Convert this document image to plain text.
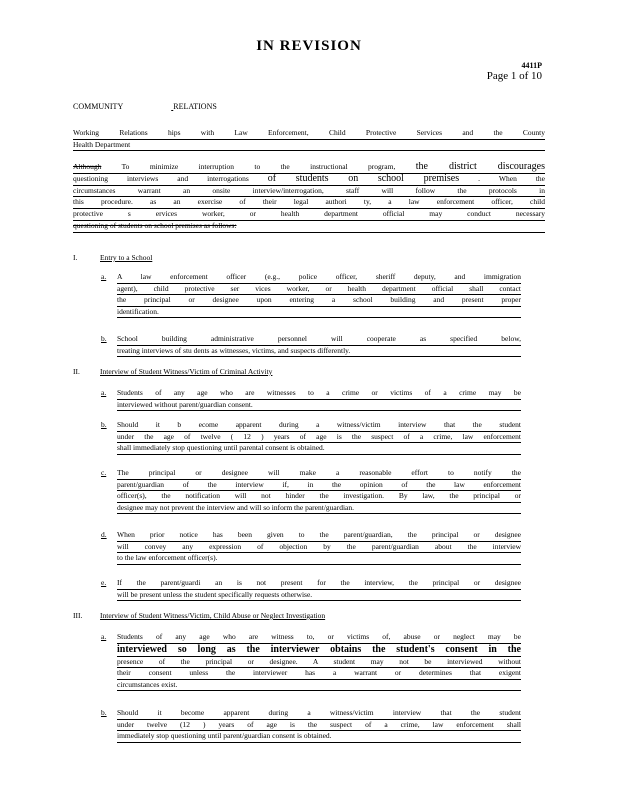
IN REVISION
4411P
Page 1 of 10
COMMUNITY	RELATIONS

Working Relations hips with Law Enforcement, Child Protective Services and the County

Health Department

Although To minimize interruption to the instructional program, the district discourages

questioning interviews and interrogations of students on school premises . When the

circumstances warrant an onsite interview/interrogation, staff will follow the protocols in

this procedure. as an exercise of their legal authori ty, a law enforcement officer, child

protective s ervices worker, or health department official may conduct necessary

questioning of students on school premises as follows:

I.	Entry to a School
a. A law enforcement officer (e.g., police officer, sheriff deputy, and immigration

agent), child protective ser vices worker, or health department official shall contact

the principal or designee upon entering a school building and present proper

identification.

b. School building administrative personnel will cooperate as specified below,

treating interviews of stu dents as witnesses, victims, and suspects differently.

II.	Interview of Student Witness/Victim of Criminal Activity
a. Students of any age who are witnesses to a crime or victims of a crime may be

interviewed without parent/guardian consent.

b. Should it b ecome apparent during a witness/victim interview that the student

under the age of twelve ( 12 ) years of age is the suspect of a crime, law enforcement

shall immediately stop questioning until parental consent is obtained.

c. The principal or designee will make a reasonable effort to notify the

parent/guardian of the interview if, in the opinion of the law enforcement

officer(s), the notification will not hinder the investigation. By law, the principal or

designee may not prevent the interview and will so inform the parent/guardian.

d. When prior notice has been given to the parent/guardian, the principal or designee

will convey any expression of objection by the parent/guardian about the interview

to the law enforcement officer(s).

e. If the parent/guardi an is not present for the interview, the principal or designee

will be present unless the student specifically requests otherwise.

III. Interview of Student Witness/Victim, Child Abuse or Neglect Investigation
a. Students of any age who are witness to, or victims of, abuse or neglect may be

interviewed so long as the interviewer obtains the student's consent in the

presence of the principal or designee. A student may not be interviewed without

their consent unless the interviewer has a warrant or determines that exigent

circumstances exist.

b. Should it become apparent during a witness/victim interview that the student

under twelve (12 ) years of age is the suspect of a crime, law enforcement shall

immediately stop questioning until parent/guardian consent is obtained.
